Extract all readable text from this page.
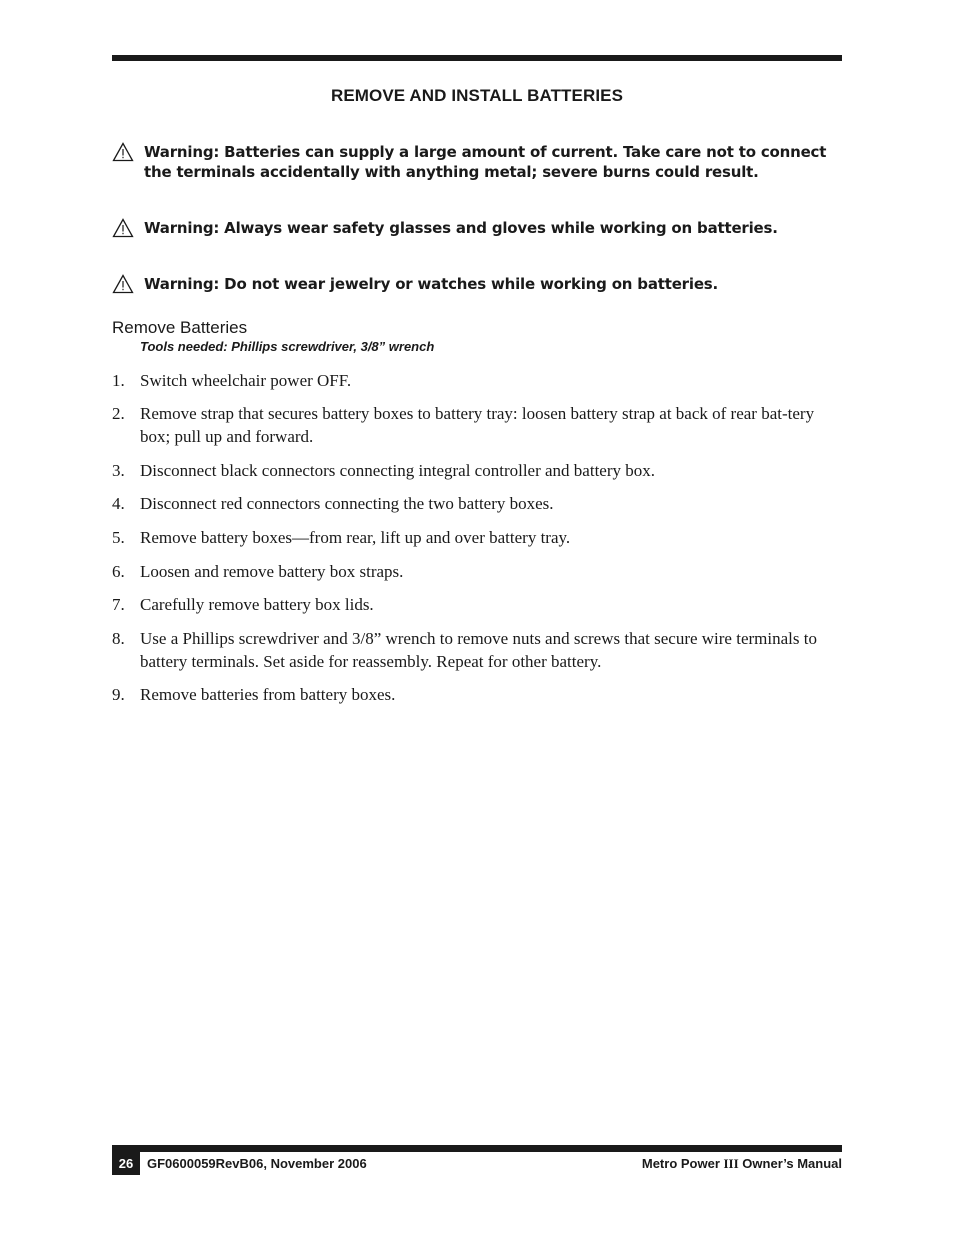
REMOVE AND INSTALL BATTERIES
Warning: Batteries can supply a large amount of current. Take care not to connect the terminals accidentally with anything metal; severe burns could result.
Warning: Always wear safety glasses and gloves while working on batteries.
Warning: Do not wear jewelry or watches while working on batteries.
Remove Batteries
Tools needed: Phillips screwdriver, 3/8” wrench
1. Switch wheelchair power OFF.
2. Remove strap that secures battery boxes to battery tray: loosen battery strap at back of rear bat-tery box; pull up and forward.
3. Disconnect black connectors connecting integral controller and battery box.
4. Disconnect red connectors connecting the two battery boxes.
5. Remove battery boxes—from rear, lift up and over battery tray.
6. Loosen and remove battery box straps.
7. Carefully remove battery box lids.
8. Use a Phillips screwdriver and 3/8” wrench to remove nuts and screws that secure wire terminals to battery terminals. Set aside for reassembly. Repeat for other battery.
9. Remove batteries from battery boxes.
26	GF0600059RevB06, November 2006	Metro Power III Owner’s Manual
